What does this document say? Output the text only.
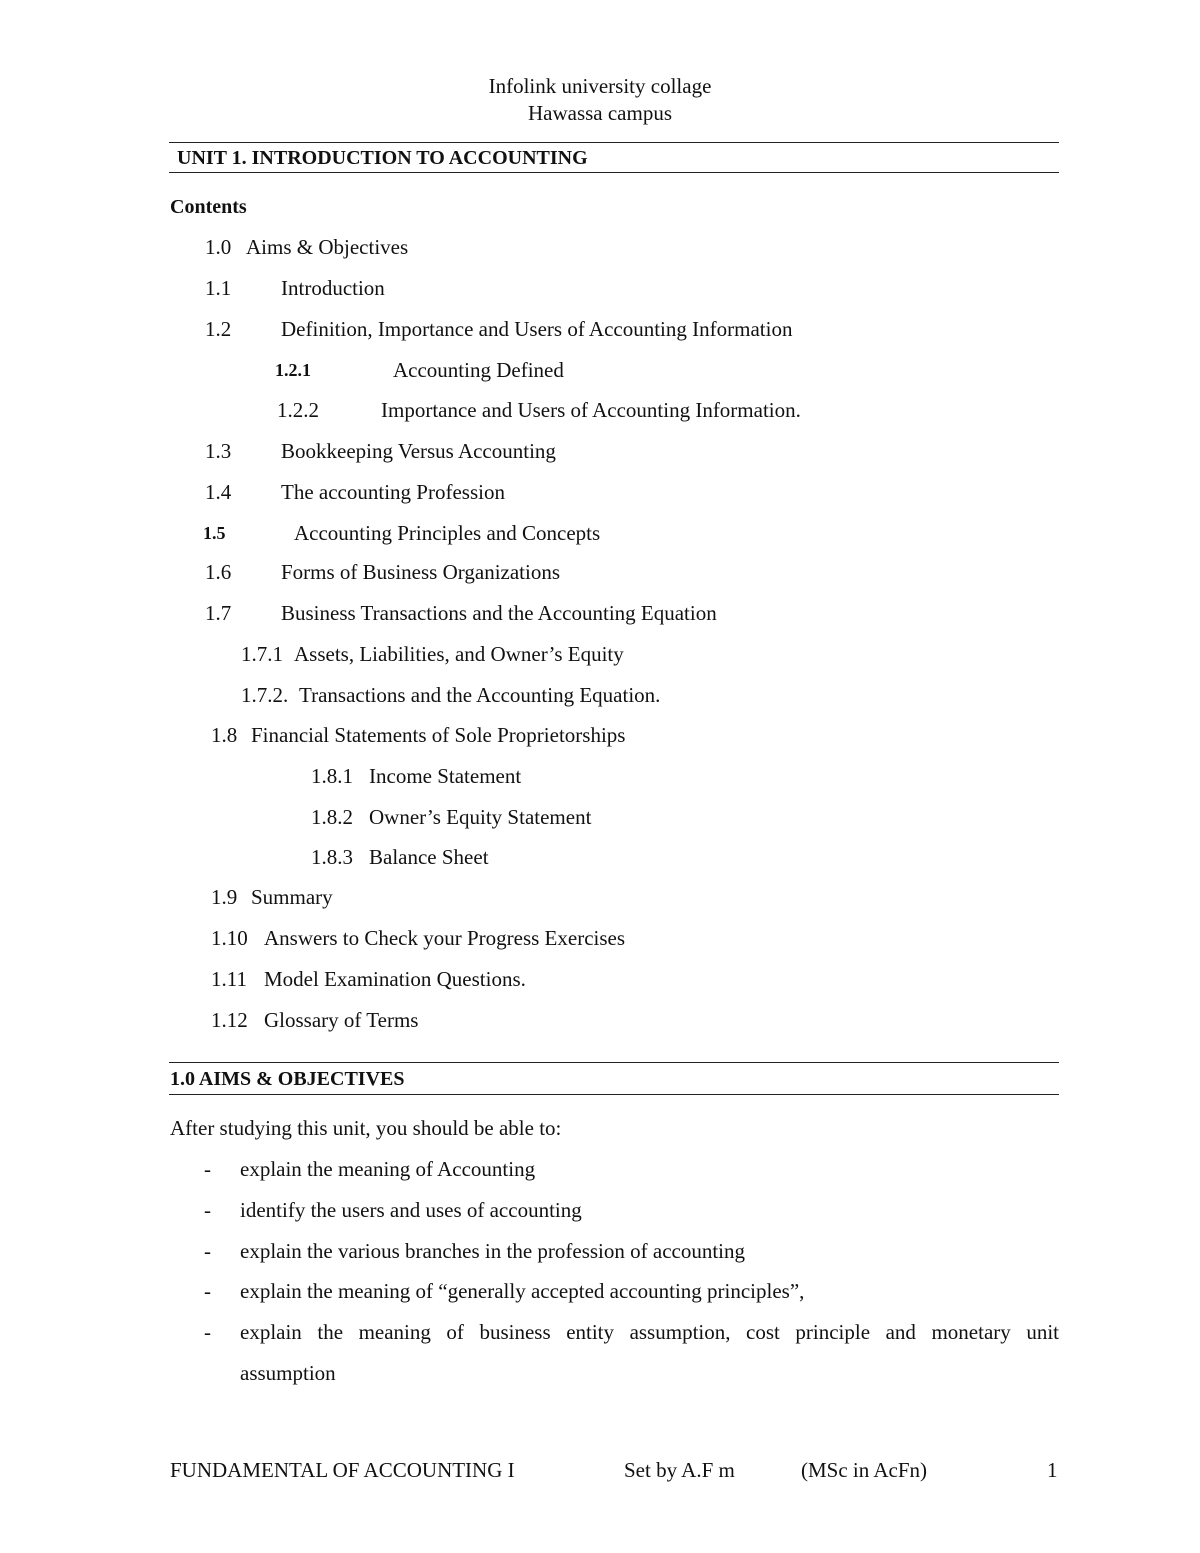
Infolink university collage
Hawassa campus
UNIT 1. INTRODUCTION TO ACCOUNTING
Contents
1.0 Aims & Objectives
1.1 Introduction
1.2 Definition, Importance and Users of Accounting Information
1.2.1	Accounting Defined
1.2.2	Importance and Users of Accounting Information.
1.3 Bookkeeping Versus Accounting
1.4 The accounting Profession
1.5	Accounting Principles and Concepts
1.6 Forms of Business Organizations
1.7 Business Transactions and the Accounting Equation
1.7.1 Assets, Liabilities, and Owner’s Equity
1.7.2. Transactions and the Accounting Equation.
1.8 Financial Statements of Sole Proprietorships
1.8.1 Income Statement
1.8.2 Owner’s Equity Statement
1.8.3 Balance Sheet
1.9 Summary
1.10 Answers to Check your Progress Exercises
1.11 Model Examination Questions.
1.12 Glossary of Terms
1.0 AIMS & OBJECTIVES
After studying this unit, you should be able to:
- explain the meaning of Accounting
- identify the users and uses of accounting
- explain the various branches in the profession of accounting
- explain the meaning of “generally accepted accounting principles”,
- explain the meaning of business entity assumption, cost principle and monetary unit
assumption
FUNDAMENTAL OF ACCOUNTING I	Set by A.F m	(MSc in AcFn)	1
